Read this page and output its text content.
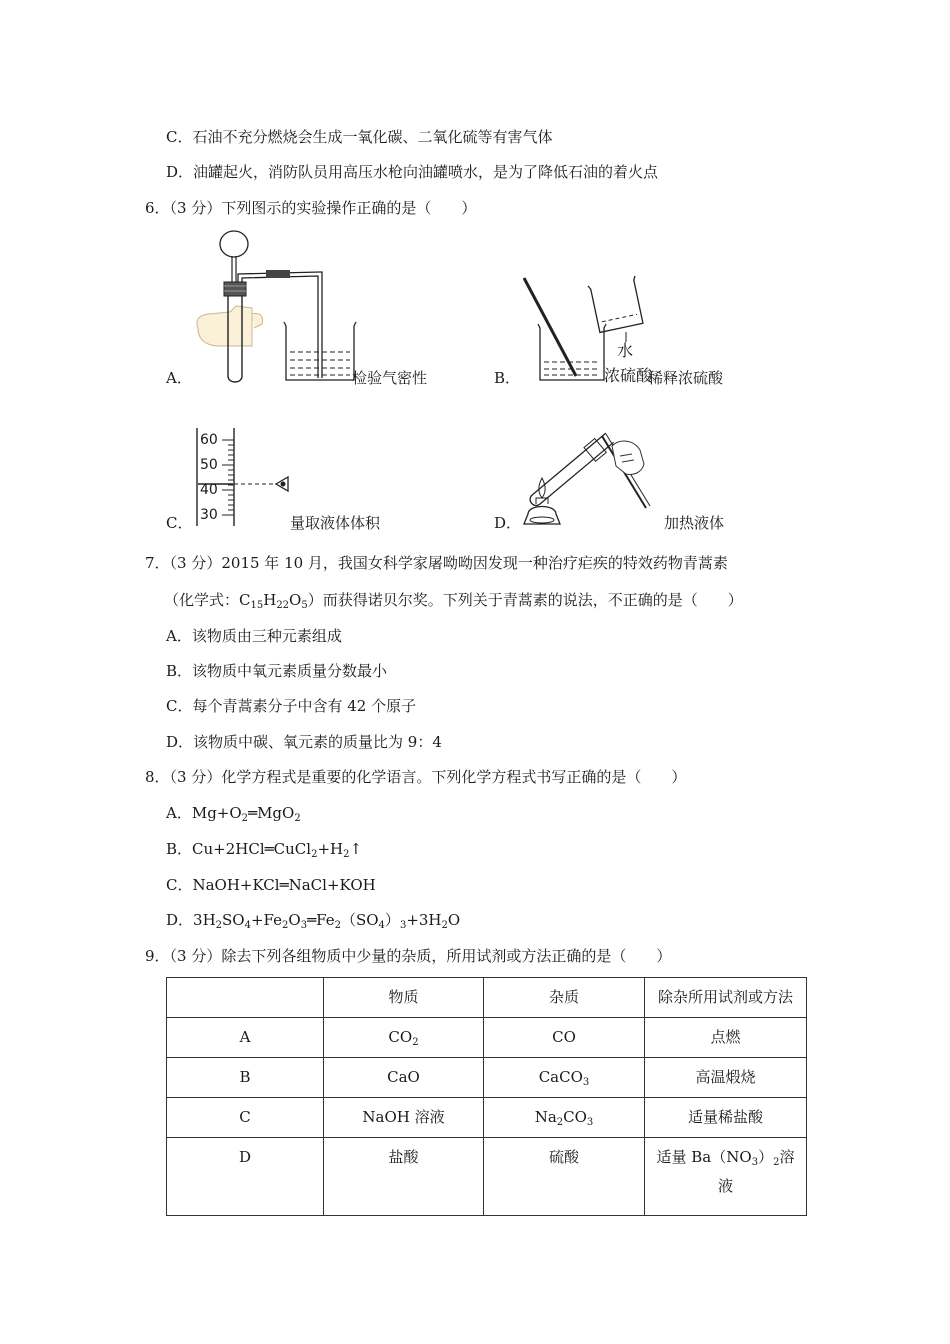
C．石油不充分燃烧会生成一氧化碳、二氧化硫等有害气体
D．油罐起火，消防队员用高压水枪向油罐喷水，是为了降低石油的着火点
6．（3 分）下列图示的实验操作正确的是（　　）
A．	检验气密性	B．
水
浓硫酸
稀释浓硫酸
C．
60
50
40
30	量取液体体积	D．	加热液体
7．（3 分）2015 年 10 月，我国女科学家屠呦呦因发现一种治疗疟疾的特效药物青蒿素
（化学式：$C_{15}H_{22}O_5$）而获得诺贝尔奖。下列关于青蒿素的说法，不正确的是（　　）
A．该物质由三种元素组成
B．该物质中氧元素质量分数最小
C．每个青蒿素分子中含有 42 个原子
D．该物质中碳、氧元素的质量比为 9：4
8．（3 分）化学方程式是重要的化学语言。下列化学方程式书写正确的是（　　）
A．$Mg+O_2═MgO_2$
B．$Cu+2HCl═CuCl_2+H_2↑$
C．NaOH+KCl═NaCl+KOH
D．$3H_2SO_4+Fe_2O_3═Fe_2(SO_4)_3+3H_2O$
9．（3 分）除去下列各组物质中少量的杂质，所用试剂或方法正确的是（　　）
	物质	杂质	除杂所用试剂或方法
A	$CO_2$	CO	点燃
B	CaO	CaCO$_3$	高温煅烧
C	NaOH 溶液	$Na_2CO_3$	适量稀盐酸
D	盐酸	硫酸	适量 $Ba(NO_3)_2$溶
液
